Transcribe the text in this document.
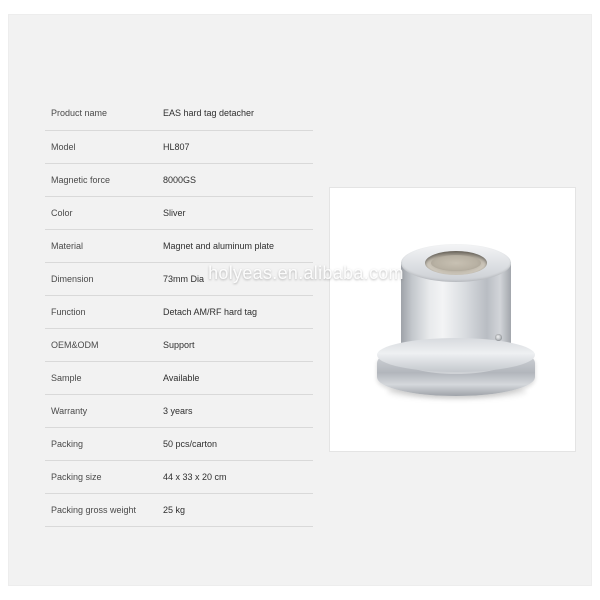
Product name	EAS hard tag detacher
Model	HL807
Magnetic force	8000GS
Color	Sliver
Material	Magnet and aluminum plate
Dimension	73mm Dia
Function	Detach AM/RF hard tag
OEM&ODM	Support
Sample	Available
Warranty	3 years
Packing	50 pcs/carton
Packing size	44 x 33 x 20 cm
Packing gross weight	25 kg
holyeas.en.alibaba.com
